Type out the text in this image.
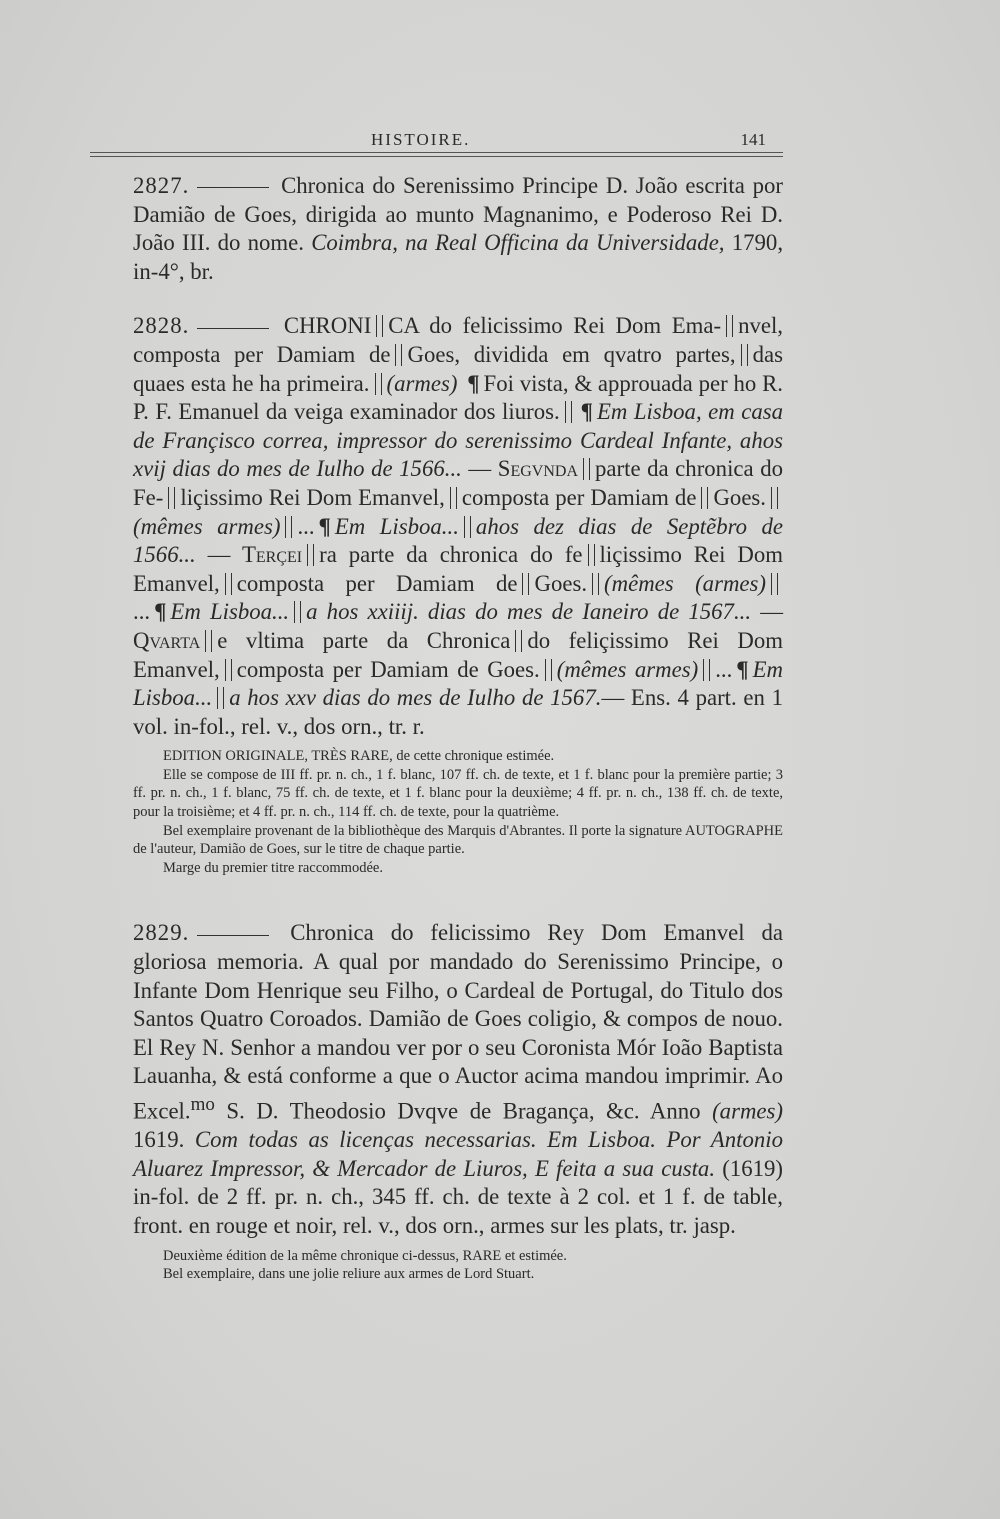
HISTOIRE.	141
2827.	Chronica do Serenissimo Principe D. João escrita por Damião de Goes, dirigida ao munto Magnanimo, e Poderoso Rei D. João III. do nome. Coimbra, na Real Officina da Universidade, 1790, in-4°, br.
2828.	CHRONI CA do felicissimo Rei Dom Ema- nvel, composta per Damiam de Goes, dividida em qvatro partes, das quaes esta he ha primeira. (armes) ¶ Foi vista, & approuada per ho R. P. F. Emanuel da veiga examinador dos liuros. ¶ Em Lisboa, em casa de Françisco correa, impressor do serenissimo Cardeal Infante, ahos xvij dias do mes de Iulho de 1566... — Segvnda parte da chronica do Fe- liçissimo Rei Dom Emanvel, composta per Damiam de Goes.(mêmes armes) ... ¶ Em Lisboa... ahos dez dias de Septẽbro de 1566... — Terçei ra parte da chronica do fe liçissimo Rei Dom Emanvel, composta per Damiam de Goes. (mêmes (armes)... ¶ Em Lisboa... a hos xxiiij. dias do mes de Ianeiro de 1567... — Qvarta e vltima parte da Chronica do feliçissimo Rei Dom Emanvel, composta per Damiam de Goes. (mêmes armes) ... ¶ Em Lisboa... a hos xxv dias do mes de Iulho de 1567.— Ens. 4 part. en 1 vol. in-fol., rel. v., dos orn., tr. r.

EDITION ORIGINALE, TRÈS RARE, de cette chronique estimée.

Elle se compose de III ff. pr. n. ch., 1 f. blanc, 107 ff. ch. de texte, et 1 f. blanc pour la première partie; 3 ff. pr. n. ch., 1 f. blanc, 75 ff. ch. de texte, et 1 f. blanc pour la deuxième; 4 ff. pr. n. ch., 138 ff. ch. de texte, pour la troisième; et 4 ff. pr. n. ch., 114 ff. ch. de texte, pour la quatrième.

Bel exemplaire provenant de la bibliothèque des Marquis d'Abrantes. Il porte la signature AUTOGRAPHE de l'auteur, Damião de Goes, sur le titre de chaque partie.

Marge du premier titre raccommodée.

2829.	Chronica do felicissimo Rey Dom Emanvel da gloriosa memoria. A qual por mandado do Serenissimo Principe, o Infante Dom Henrique seu Filho, o Cardeal de Portugal, do Titulo dos Santos Quatro Coroados. Damião de Goes coligio, & compos de nouo. El Rey N. Senhor a mandou ver por o seu Coronista Mór Ioão Baptista Lauanha, & está conforme a que o Auctor acima mandou imprimir. Ao Excel.$^{mo}$ S. D. Theodosio Dvqve de Bragança, &c. Anno (armes) 1619. Com todas as licenças necessarias. Em Lisboa. Por Antonio Aluarez Impressor, & Mercador de Liuros, E feita a sua custa. (1619) in-fol. de 2 ff. pr. n. ch., 345 ff. ch. de texte à 2 col. et 1 f. de table, front. en rouge et noir, rel. v., dos orn., armes sur les plats, tr. jasp.

Deuxième édition de la même chronique ci-dessus, RARE et estimée.

Bel exemplaire, dans une jolie reliure aux armes de Lord Stuart.
